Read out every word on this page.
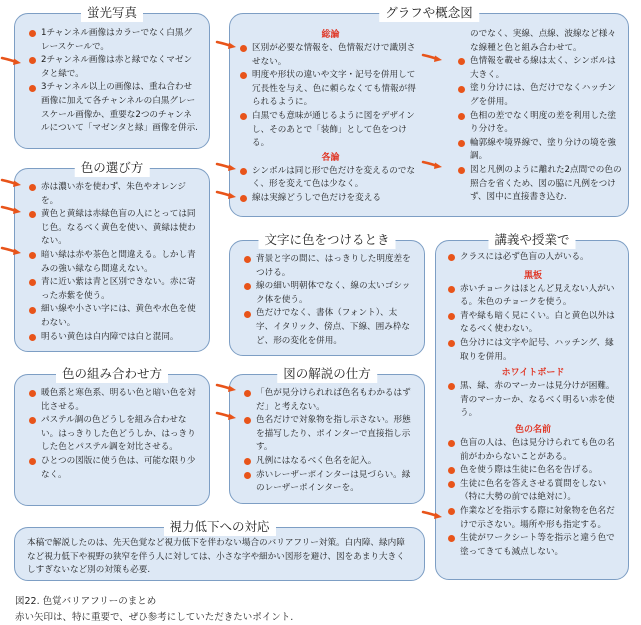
蛍光写真
1チャンネル画像はカラーでなく白黒グレースケールで。
2チャンネル画像は赤と緑でなくマゼンタと緑で。
3チャンネル以上の画像は、重ね合わせ画像に加えて各チャンネルの白黒グレースケール画像か、重要な2つのチャンネルについて「マゼンタと緑」画像を併示.
グラフや概念図
総論
区別が必要な情報を、色情報だけで識別させない。
明度や形状の違いや文字・記号を併用して冗長性を与え、色に頼らなくても情報が得られるように。
白黒でも意味が通じるように図をデザインし、そのあとで「装飾」として色をつける。
各論
シンボルは同じ形で色だけを変えるのでなく、形を変えて色は少なく。
線は実線どうしで色だけを変える
のでなく、実線、点線、波線など様々な線種と色と組み合わせて。
色情報を載せる線は太く、シンボルは大きく。
塗り分けには、色だけでなくハッチングを併用。
色相の差でなく明度の差を利用した塗り分けを。
輪郭線や境界線で、塗り分けの境を強調。
図と凡例のように離れた2点間での色の照合を省くため、図の脇に凡例をつけず、図中に直接書き込む.
色の選び方
赤は濃い赤を使わず、朱色やオレンジを。
黄色と黄緑は赤緑色盲の人にとっては同じ色。なるべく黄色を使い、黄緑は使わない。
暗い緑は赤や茶色と間違える。しかし青みの強い緑なら間違えない。
青に近い紫は青と区別できない。赤に寄った赤紫を使う。
細い線や小さい字には、黄色や水色を使わない。
明るい黄色は白内障では白と混同。
文字に色をつけるとき
背景と字の間に、はっきりした明度差をつける。
線の細い明朝体でなく、線の太いゴシック体を使う。
色だけでなく、書体（フォント）、太字、イタリック、傍点、下線、囲み枠など、形の変化を併用。
講義や授業で
クラスには必ず色盲の人がいる。
黒板
赤いチョークはほとんど見えない人がいる。朱色のチョークを使う。
青や緑も暗く見にくい。白と黄色以外はなるべく使わない。
色分けには文字や記号、ハッチング、縁取りを併用。
ホワイトボード
黒、緑、赤のマーカーは見分けが困難。青のマーカーか、なるべく明るい赤を使う。
色の名前
色盲の人は、色は見分けられても色の名前がわからないことがある。
色を使う際は生徒に色名を告げる。
生徒に色名を答えさせる質問をしない（特に大勢の前では絶対に）。
作業などを指示する際に対象物を色名だけで示さない。場所や形も指定する。
生徒がワークシート等を指示と違う色で塗ってきても減点しない。
色の組み合わせ方
暖色系と寒色系、明るい色と暗い色を対比させる。
パステル調の色どうしを組み合わせない。はっきりした色どうしか、はっきりした色とパステル調を対比させる。
ひとつの図版に使う色は、可能な限り少なく。
図の解説の仕方
「色が見分けられれば色名もわかるはずだ」と考えない。
色名だけで対象物を指し示さない。形態を描写したり、ポインターで直接指し示す。
凡例にはなるべく色名を記入。
赤いレーザーポインターは見づらい。緑のレーザーポインターを。
視力低下への対応
本稿で解説したのは、先天色覚など視力低下を伴わない場合のバリアフリー対策。白内障、緑内障など視力低下や視野の狭窄を伴う人に対しては、小さな字や細かい図形を避け、図をあまり大きくしすぎないなど別の対策も必要.
図22. 色覚バリアフリーのまとめ
赤い矢印は、特に重要で、ぜひ参考にしていただきたいポイント.
